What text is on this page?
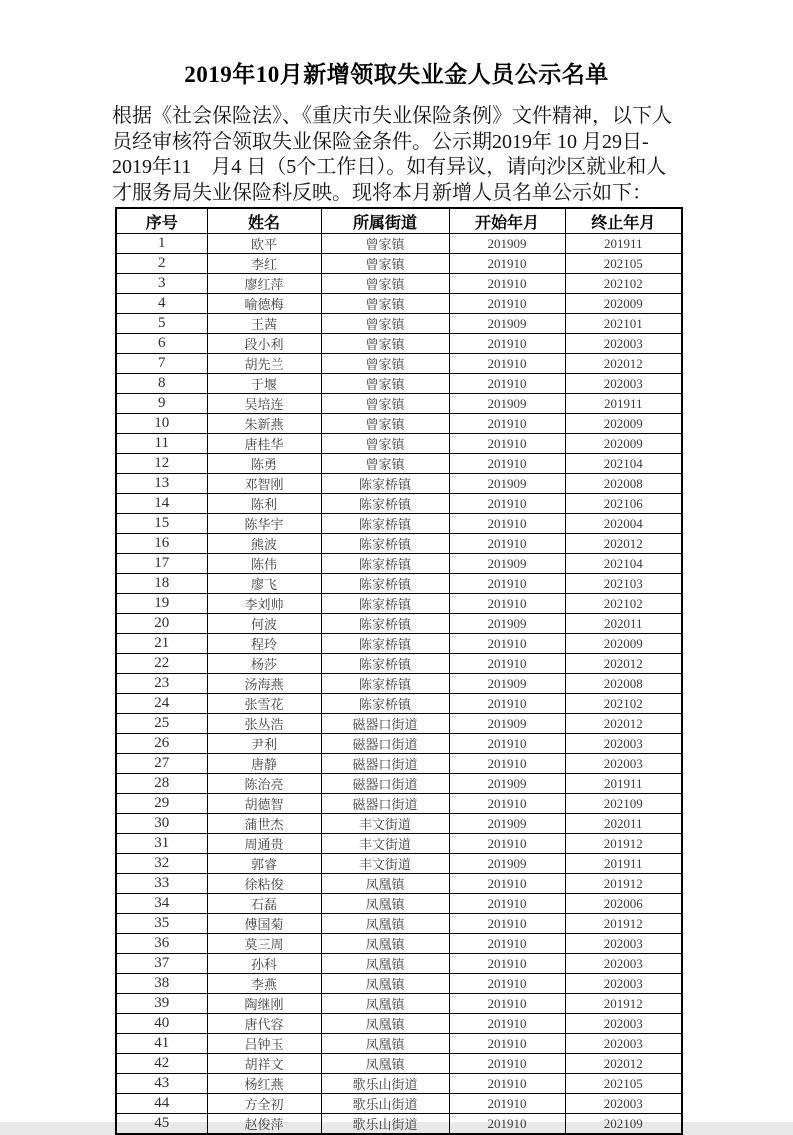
2019年10月新增领取失业金人员公示名单
根据《社会保险法》、《重庆市失业保险条例》文件精神，以下人
员经审核符合领取失业保险金条件。公示期2019年 10 月29日-
2019年11　月4 日（5个工作日）。如有异议，请向沙区就业和人
才服务局失业保险科反映。现将本月新增人员名单公示如下：
序号	姓名	所属街道	开始年月	终止年月
1	欧平	曾家镇	201909	201911
2	李红	曾家镇	201910	202105
3	廖红萍	曾家镇	201910	202102
4	喻德梅	曾家镇	201910	202009
5	王茜	曾家镇	201909	202101
6	段小利	曾家镇	201910	202003
7	胡先兰	曾家镇	201910	202012
8	于堰	曾家镇	201910	202003
9	吴培连	曾家镇	201909	201911
10	朱新燕	曾家镇	201910	202009
11	唐桂华	曾家镇	201910	202009
12	陈勇	曾家镇	201910	202104
13	邓智刚	陈家桥镇	201909	202008
14	陈利	陈家桥镇	201910	202106
15	陈华宇	陈家桥镇	201910	202004
16	熊波	陈家桥镇	201910	202012
17	陈伟	陈家桥镇	201909	202104
18	廖飞	陈家桥镇	201910	202103
19	李刘帅	陈家桥镇	201910	202102
20	何波	陈家桥镇	201909	202011
21	程玲	陈家桥镇	201910	202009
22	杨莎	陈家桥镇	201910	202012
23	汤海燕	陈家桥镇	201909	202008
24	张雪花	陈家桥镇	201910	202102
25	张丛浩	磁器口街道	201909	202012
26	尹利	磁器口街道	201910	202003
27	唐静	磁器口街道	201910	202003
28	陈治亮	磁器口街道	201909	201911
29	胡德智	磁器口街道	201910	202109
30	蒲世杰	丰文街道	201909	202011
31	周通贵	丰文街道	201910	201912
32	郭睿	丰文街道	201909	201911
33	徐粘俊	凤凰镇	201910	201912
34	石磊	凤凰镇	201910	202006
35	傅国菊	凤凰镇	201910	201912
36	莫三周	凤凰镇	201910	202003
37	孙科	凤凰镇	201910	202003
38	李燕	凤凰镇	201910	202003
39	陶继刚	凤凰镇	201910	201912
40	唐代容	凤凰镇	201910	202003
41	吕钟玉	凤凰镇	201910	202003
42	胡祥文	凤凰镇	201910	202012
43	杨红燕	歌乐山街道	201910	202105
44	方全初	歌乐山街道	201910	202003
45	赵俊萍	歌乐山街道	201910	202109
